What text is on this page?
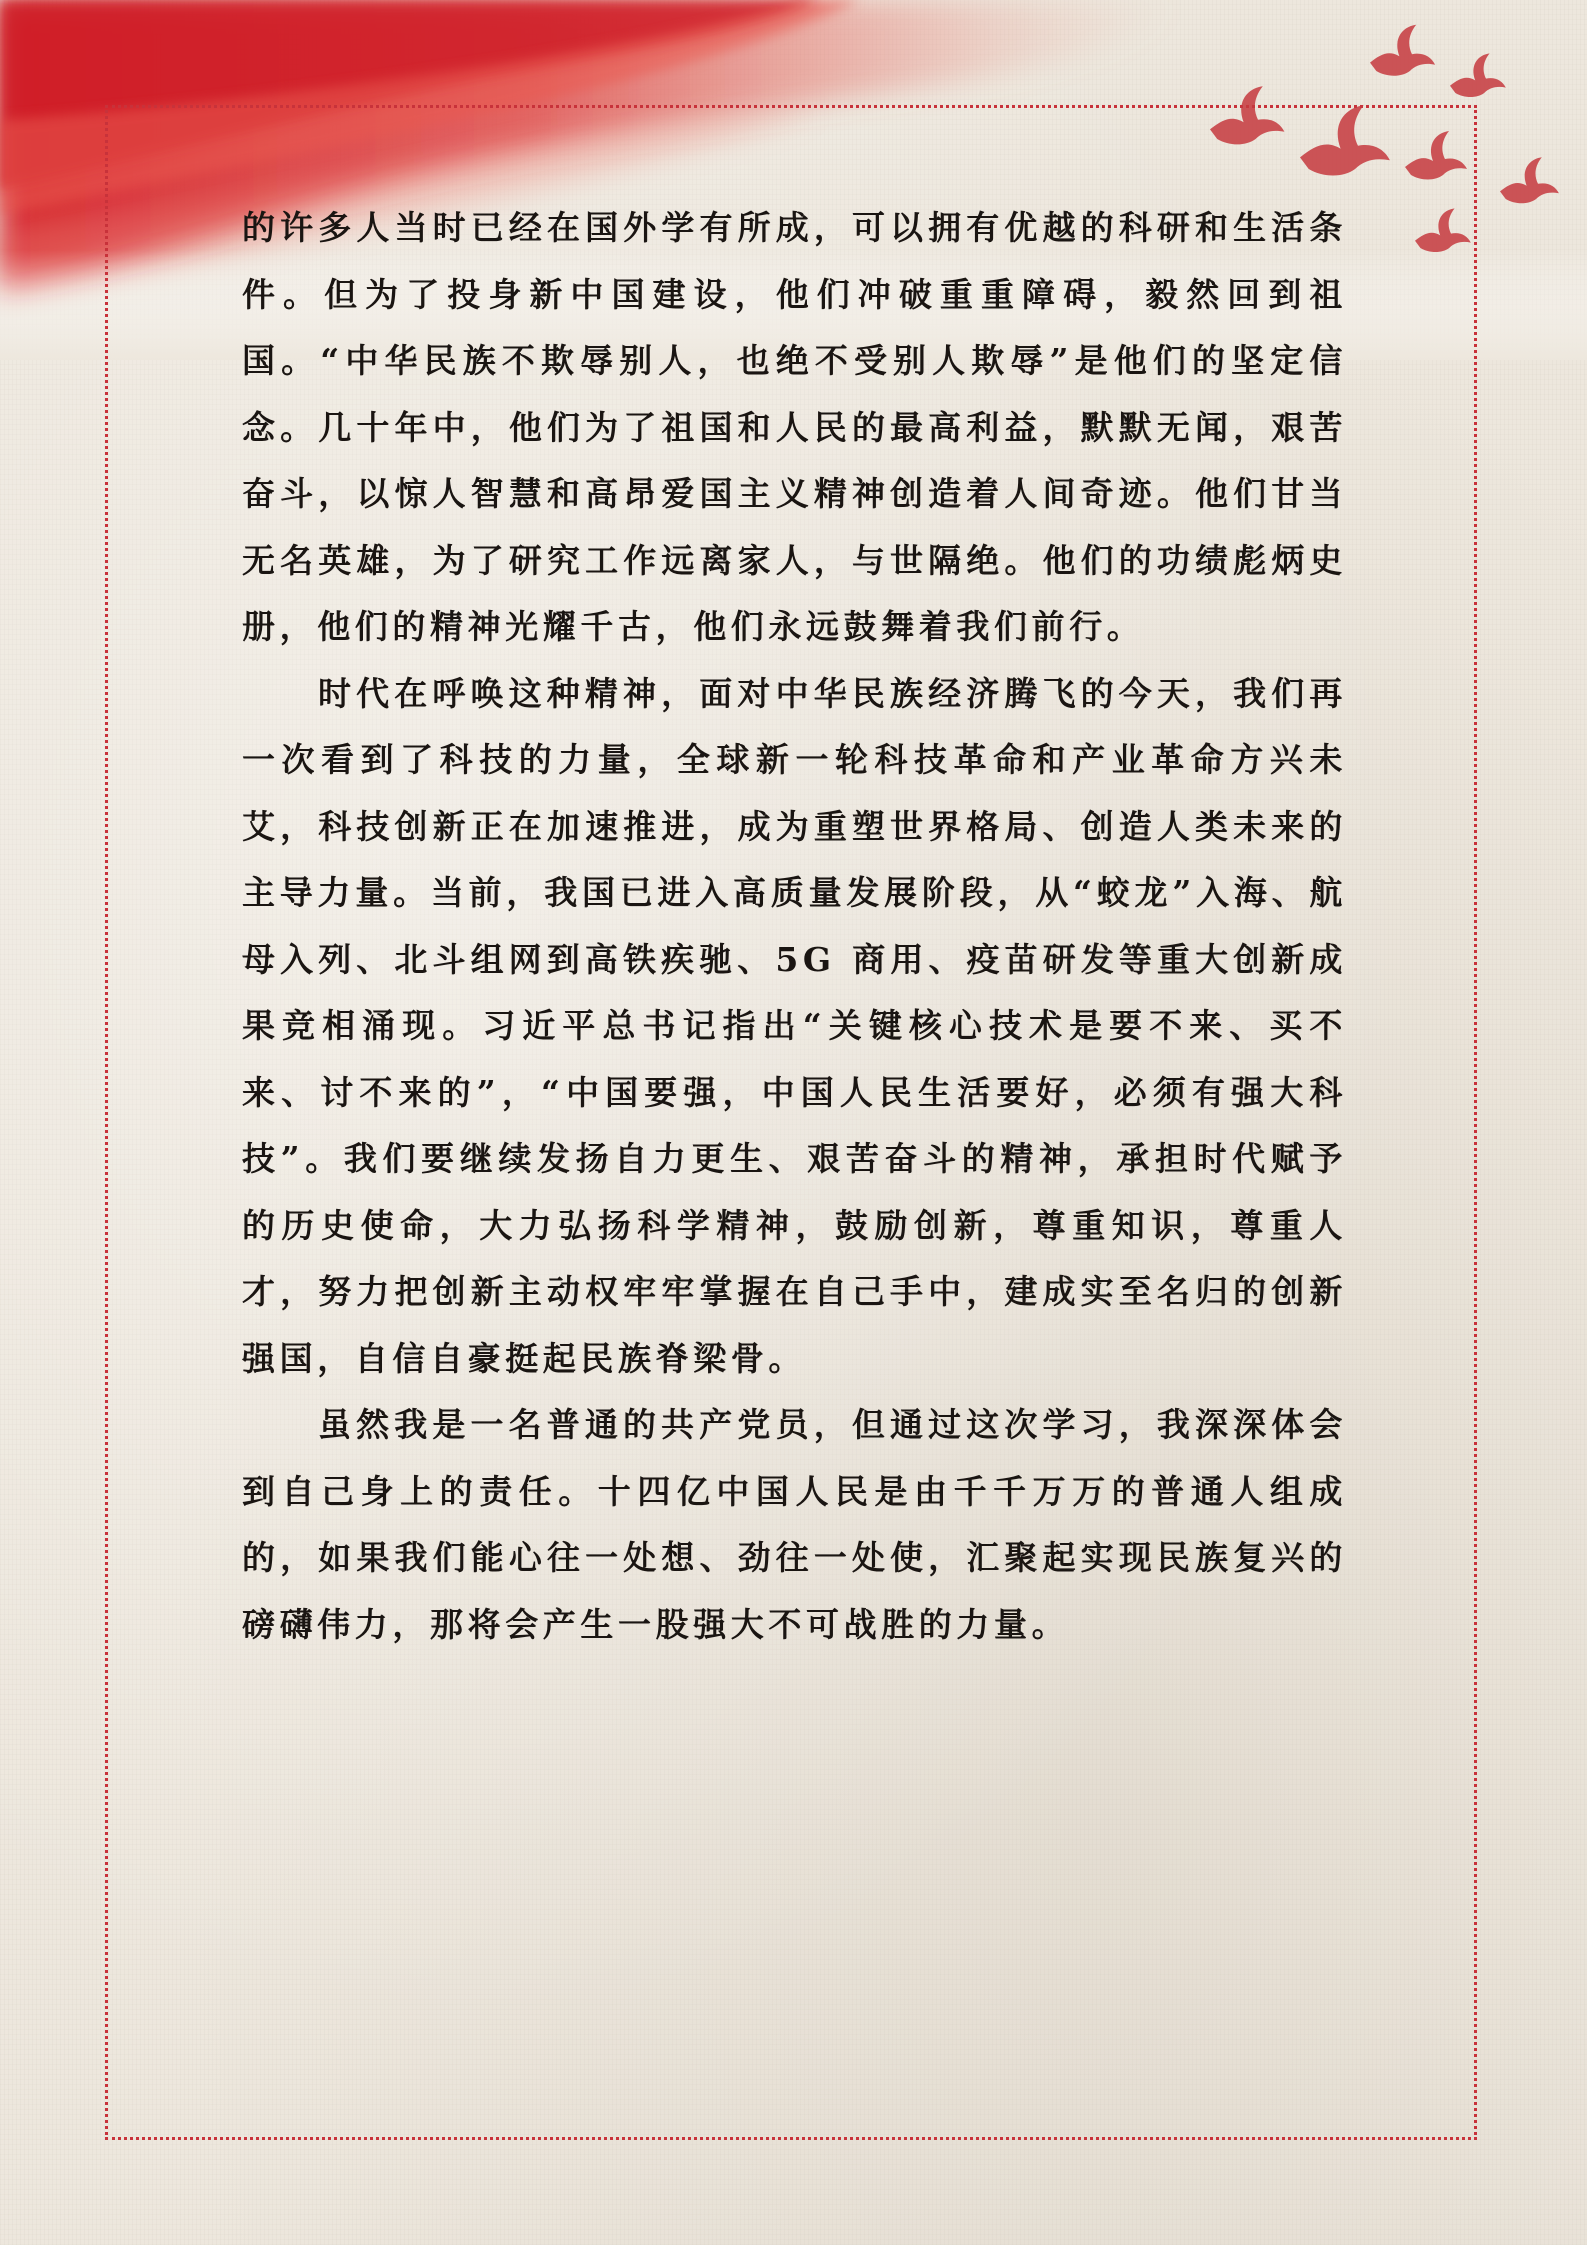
的许多人当时已经在国外学有所成，可以拥有优越的科研和生活条件。但为了投身新中国建设，他们冲破重重障碍，毅然回到祖国。“中华民族不欺辱别人，也绝不受别人欺辱”是他们的坚定信念。几十年中，他们为了祖国和人民的最高利益，默默无闻，艰苦奋斗，以惊人智慧和高昂爱国主义精神创造着人间奇迹。他们甘当无名英雄，为了研究工作远离家人，与世隔绝。他们的功绩彪炳史册，他们的精神光耀千古，他们永远鼓舞着我们前行。

时代在呼唤这种精神，面对中华民族经济腾飞的今天，我们再一次看到了科技的力量，全球新一轮科技革命和产业革命方兴未艾，科技创新正在加速推进，成为重塑世界格局、创造人类未来的主导力量。当前，我国已进入高质量发展阶段，从“蛟龙”入海、航母入列、北斗组网到高铁疾驰、5G 商用、疫苗研发等重大创新成果竞相涌现。习近平总书记指出“关键核心技术是要不来、买不来、讨不来的”，“中国要强，中国人民生活要好，必须有强大科技”。我们要继续发扬自力更生、艰苦奋斗的精神，承担时代赋予的历史使命，大力弘扬科学精神，鼓励创新，尊重知识，尊重人才，努力把创新主动权牢牢掌握在自己手中，建成实至名归的创新强国，自信自豪挺起民族脊梁骨。

虽然我是一名普通的共产党员，但通过这次学习，我深深体会到自己身上的责任。十四亿中国人民是由千千万万的普通人组成的，如果我们能心往一处想、劲往一处使，汇聚起实现民族复兴的磅礴伟力，那将会产生一股强大不可战胜的力量。
